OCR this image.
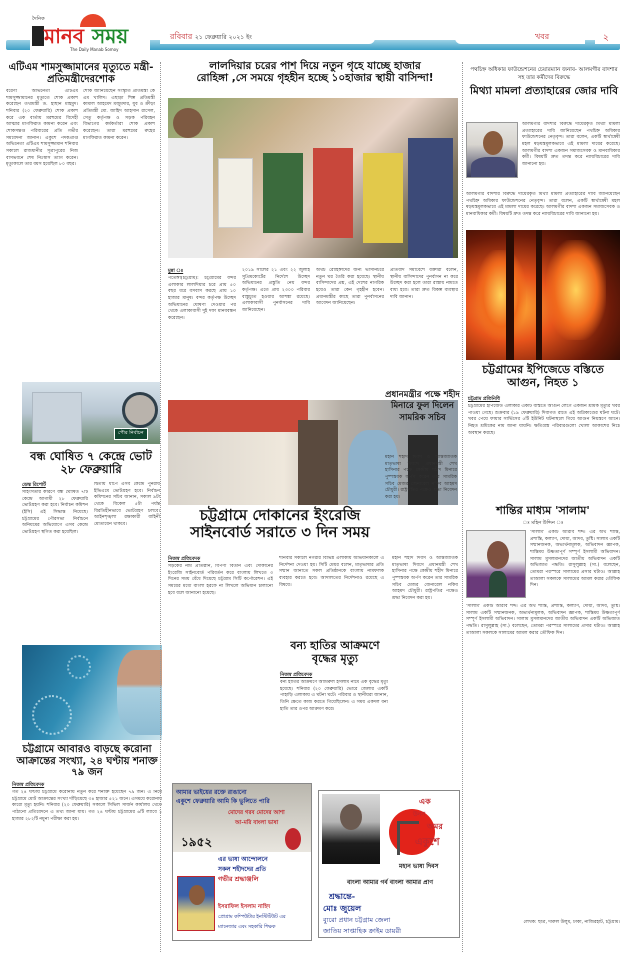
দৈনিক
মানব সময়
The Daily Manab Somoy
রবিবার ২১ ফেব্রুয়ারি ২০২১ ইং	খবর	২
এটিএম শামসুজ্জামানের মৃত্যুতে মন্ত্রী-প্রতিমন্ত্রীদেরশোক
বরেণ্য অভিনেতা এটিএম শামসুজ্জামানের মৃত্যুতে শোক প্রকাশ করেছেন তথ্যমন্ত্রী ড. হাছান মাহমুদ। শনিবার (২০ ফেব্রুয়ারি) শোক প্রকাশ করে এক বার্তায় মরহুমের বিদেহী আত্মার মাগফিরাত কামনা করেন এবং শোকসন্তপ্ত পরিবারের প্রতি গভীর সমবেদনা জানান। একুশে পদকপ্রাপ্ত অভিনেতা এটিএম শামসুজ্জামান শনিবার সকালে রাজধানীর সূত্রাপুরের নিজ বাসভবনে শেষ নিঃশ্বাস ত্যাগ করেন। মৃত্যুকালে তার বয়স হয়েছিল ৮০ বছর।
শোক জানিয়েছেন সংস্কৃতি প্রতিমন্ত্রী কে এম খালিদ। এছাড়া শিল্প প্রতিমন্ত্রী কামাল আহমেদ মজুমদার, যুব ও ক্রীড়া প্রতিমন্ত্রী মো. জাহিদ আহসান রাসেল, সেতু কর্তৃপক্ষ ও সড়ক পরিবহন বিভাগের কর্মকর্তারা শোক প্রকাশ করেছেন। তারা মরহুমের রুহের মাগফিরাত কামনা করেন।
পৌর নির্বাচন
বন্ধ ঘোষিত ৭ কেন্দ্রে ভোট ২৮ ফেব্রুয়ারি
ডেস্ক রিপোর্ট
সহিংসতার কারণে বন্ধ ঘোষিত ৭টি কেন্দ্রে আগামী ২৮ ফেব্রুয়ারি ভোটগ্রহণ করা হবে। নির্বাচন কমিশন (ইসি) এই সিদ্ধান্ত নিয়েছে। চট্টগ্রামের পৌরসভা নির্বাচনে অনিয়মের অভিযোগে এসব কেন্দ্রে ভোটগ্রহণ স্থগিত করা হয়েছিল।
দ্বিতীয় ধাপে এসব কেন্দ্রে পুনরায় ইভিএমে ভোটগ্রহণ হবে। নির্বাচন কমিশনের সচিব জানান, সকাল ৯টা থেকে বিকেল ৫টা পর্যন্ত বিরতিহীনভাবে ভোটগ্রহণ চলবে। আইনশৃঙ্খলা রক্ষাকারী বাহিনী মোতায়েন থাকবে।
চট্টগ্রামে আবারও বাড়ছে করোনা আক্রান্তের সংখ্যা, ২৪ ঘণ্টায় শনাক্ত ৭৯ জন
নিজস্ব প্রতিবেদক
গত ২৪ ঘণ্টায় চট্টগ্রামে করোনায় নতুন করে শনাক্ত হয়েছেন ৭৯ জন। এ নিয়ে চট্টগ্রামে মোট আক্রান্তের সংখ্যা দাঁড়িয়েছে ৩৪ হাজার ৫২১ জনে। এসময়ে করোনায় কারো মৃত্যু হয়নি। শনিবার (২০ ফেব্রুয়ারি) সকালে সিভিল সার্জন কার্যালয় থেকে পাঠানো প্রতিবেদনে এ তথ্য জানা যায়। গত ২৪ ঘণ্টায় চট্টগ্রামের ৬টি ল্যাবে ১ হাজার ২৮২টি নমুনা পরীক্ষা করা হয়।
লালদিয়ার চরের পাশ দিয়ে নতুন গৃহে যাচ্ছে হাজার
রোহিঙ্গা ,সে সময়ে গৃহহীন হচ্ছে ১০হাজার স্থায়ী বাসিন্দা!
মুন্না ঃ
পতেঙ্গা(চট্টগ্রাম): চট্টগ্রামের বন্দর এলাকার লালদিয়ার চরে প্রায় ৫০ বছর ধরে বসবাস করছে প্রায় ১০ হাজার মানুষ। বন্দর কর্তৃপক্ষ উচ্ছেদ অভিযানের ঘোষণা দেওয়ার পর থেকে এলাকাবাসী দুই দফা মানববন্ধন করেছেন।
২০১৯ সালের ২১ এবং ২২ জুলাই সুপ্রিমকোর্টের নির্দেশে উচ্ছেদ অভিযানের প্রস্তুতি নেয় বন্দর কর্তৃপক্ষ। এতে প্রায় ২৩০০ পরিবার বাস্তুচ্যুত হওয়ার আশঙ্কা রয়েছে। এলাকাবাসী পুনর্বাসনের দাবি জানিয়েছেন।
অথচ রোহিঙ্গাদের জন্য ভাসানচরে নতুন ঘর তৈরি করা হয়েছে। স্থানীয় বাসিন্দাদের প্রশ্ন, এই দেশের নাগরিক হয়েও তারা কেন গৃহহীন হবেন। প্রধানমন্ত্রীর কাছে তারা পুনর্বাসনের আবেদন জানিয়েছেন।
প্রতিবাদ সমাবেশে বক্তারা বলেন, স্থানীয় বাসিন্দাদের পুনর্বাসন না করে উচ্ছেদ করা হলে তারা রাস্তায় নামতে বাধ্য হবে। তারা দ্রুত বিকল্প ব্যবস্থার দাবি জানান।
প্রধানমন্ত্রীর পক্ষে শহীদ মিনারে ফুল দিলেন সামরিক সচিব
মহান শহীদ দিবস ও আন্তর্জাতিক মাতৃভাষা দিবসে প্রধানমন্ত্রী শেখ হাসিনার পক্ষে কেন্দ্রীয় শহীদ মিনারে পুষ্পস্তবক অর্পণ করেন তার সামরিক সচিব মেজর জেনারেল নকিব আহমদ চৌধুরী। রাষ্ট্রপতির পক্ষেও শ্রদ্ধা নিবেদন করা হয়।
চট্টগ্রামে দোকানের ইংরেজি
সাইনবোর্ড সরাতে ৩ দিন সময়
নিজস্ব প্রতিবেদক
সড়কের নাম প্রতিষ্ঠান, বিপণী বিতান এবং দোকানের ইংরেজি সাইনবোর্ড পরিবর্তন করে বাংলায় লিখতে ৩ দিনের সময় বেঁধে দিয়েছে চট্টগ্রাম সিটি কর্পোরেশন। এই সময়ের মধ্যে বাংলা হরফে না লিখলে অভিযান চালানো হবে বলে জানানো হয়েছে।
শনিবার সকালে নগরীর বিভিন্ন এলাকায় অভিযানকালে এ নির্দেশনা দেওয়া হয়। সিটি মেয়র বলেন, মাতৃভাষার প্রতি সম্মান জানাতে সকল প্রতিষ্ঠানকে বাংলায় নামফলক ব্যবহার করতে হবে। আদালতের নির্দেশনাও রয়েছে এ বিষয়ে।
মহান শহীদ দিবস ও আন্তর্জাতিক মাতৃভাষা দিবসে প্রধানমন্ত্রী শেখ হাসিনার পক্ষে কেন্দ্রীয় শহীদ মিনারে পুষ্পস্তবক অর্পণ করেন তার সামরিক সচিব মেজর জেনারেল নকিব আহমদ চৌধুরী। রাষ্ট্রপতির পক্ষেও শ্রদ্ধা নিবেদন করা হয়।
বন্য হাতির আক্রমণে
বৃদ্ধের মৃত্যু
নিজস্ব প্রতিবেদক
বন্য হাতির আক্রমণে আমিরুল ইসলাম নামে এক বৃদ্ধের মৃত্যু হয়েছে। শনিবার (২০ ফেব্রুয়ারি) ভোরে জেলার একটি পাহাড়ি এলাকায় এ ঘটনা ঘটে। পরিবার ও স্থানীয়রা জানান, তিনি ক্ষেতে কাজ করতে গিয়েছিলেন। এ সময় একদল বন্য হাতি তার ওপর আক্রমণ করে।
আমার ভাইয়ের রক্তে রাঙানো
একুশে ফেব্রুয়ারি আমি কি ভুলিতে পারি
মোদের গরব মোদের আশা
আ-মরি বাংলা ভাষা
১৯৫২
এর ভাষা আন্দোলনে
সকল শহীদদের প্রতি
গভীর শ্রদ্ধাঞ্জলি
ইসরাফিল ইসলাম নাহিদ
প্রোগ্রাম কম্পিউটার ইনস্টিটিউট এর
ম্যানেজার এবং সহকারি শিক্ষক
এক
উনস
অমর
একুশে
মহান ভাষা দিবস
বাংলা আমার গর্ব বাংলা আমার প্রাণ
শ্রদ্ধান্তে-
মোঃ জুয়েল
ব্যুরো প্রধান চট্টগ্রাম জেলা
জাতিয় সাপ্তাহিক ক্রাইম ডায়রী
পথচিহ্ন অধিকার ফাউন্ডেশনের চেয়ারম্যান জনাব- আলমগীর বাদশার সহ তার কর্মীদের বিরুদ্ধে
মিথ্যা মামলা প্রত্যাহারের জোর দাবি
আলমগীর বাদশার বিরুদ্ধে দায়েরকৃত মিথ্যা মামলা প্রত্যাহারের দাবি জানিয়েছেন পথচিহ্ন অধিকার ফাউন্ডেশনের নেতৃবৃন্দ। তারা বলেন, একটি স্বার্থান্বেষী মহল ষড়যন্ত্রমূলকভাবে এই মামলা দায়ের করেছে। আলমগীর বাদশা একজন সমাজসেবক ও মানবাধিকার কর্মী। বিষয়টি দ্রুত তদন্ত করে ন্যায়বিচারের দাবি জানানো হয়।
আলমগীর বাদশার বিরুদ্ধে দায়েরকৃত মিথ্যা মামলা প্রত্যাহারের দাবি জানিয়েছেন পথচিহ্ন অধিকার ফাউন্ডেশনের নেতৃবৃন্দ। তারা বলেন, একটি স্বার্থান্বেষী মহল ষড়যন্ত্রমূলকভাবে এই মামলা দায়ের করেছে। আলমগীর বাদশা একজন সমাজসেবক ও মানবাধিকার কর্মী। বিষয়টি দ্রুত তদন্ত করে ন্যায়বিচারের দাবি জানানো হয়।
চট্টগ্রামের ইপিজেডে বস্তিতে আগুন, নিহত ১
চট্টগ্রাম প্রতিনিধি
চট্টগ্রামের ইপিজেড এলাকার একটি বস্তিতে আগুন লেগে একজন শ্রমিক মৃত্যুর খবর পাওয়া গেছে। শুক্রবার (১৯ ফেব্রুয়ারি) দিবাগত রাতে এই অগ্নিকাণ্ডের ঘটনা ঘটে। খবর পেয়ে ফায়ার সার্ভিসের ৫টি ইউনিট ঘটনাস্থলে গিয়ে আগুন নিয়ন্ত্রণে আনে। নিহত শ্রমিকের নাম জানা যায়নি। ক্ষতিগ্রস্ত পরিবারগুলো খোলা আকাশের নিচে অবস্থান করছে।
শান্তির মাধ্যম 'সালাম'
ঃ মহিন উদ্দিন ঃ
'সালাম' একটি আরবি শব্দ। এর অর্থ শান্তি, প্রশান্তি, কল্যাণ, দোয়া, আদব, তুষ্টি। সালাম একটি সম্মানজনক, অভ্যর্থনামূলক, অভিবাদন জ্ঞাপক, শান্তিময় উষ্ণতাপূর্ণ সম্পূর্ণ ইসলামী অভিবাদন। সালাম মুসলমানদের জাতীয় অভিবাদন একটি অভিজাত পদ্ধতি। রাসুলুল্লাহ (সা.) বলেছেন, তোমরা পরস্পরে সালামের প্রসার ঘটাও। আল্লাহ তাআলা সকলকে সালামের আমল করার তৌফিক দিন।
'সালাম' একটি আরবি শব্দ। এর অর্থ শান্তি, প্রশান্তি, কল্যাণ, দোয়া, আদব, তুষ্টি। সালাম একটি সম্মানজনক, অভ্যর্থনামূলক, অভিবাদন জ্ঞাপক, শান্তিময় উষ্ণতাপূর্ণ সম্পূর্ণ ইসলামী অভিবাদন। সালাম মুসলমানদের জাতীয় অভিবাদন একটি অভিজাত পদ্ধতি। রাসুলুল্লাহ (সা.) বলেছেন, তোমরা পরস্পরে সালামের প্রসার ঘটাও। আল্লাহ তাআলা সকলকে সালামের আমল করার তৌফিক দিন।
লেখক: ছাত্র, দারুল উলুম, ঢাকা, নাজিরহাট, চট্টগ্রাম।
